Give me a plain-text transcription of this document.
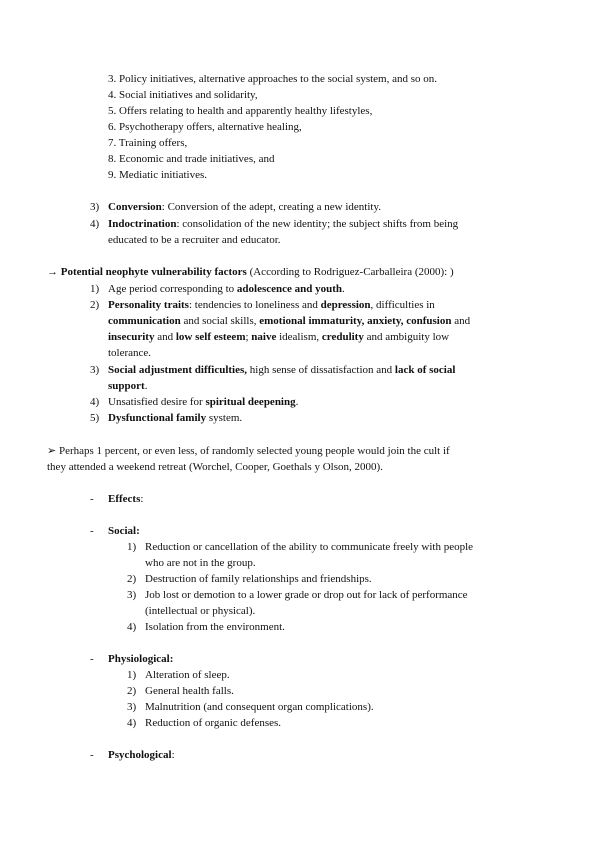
3. Policy initiatives, alternative approaches to the social system, and so on.
4. Social initiatives and solidarity,
5. Offers relating to health and apparently healthy lifestyles,
6. Psychotherapy offers, alternative healing,
7. Training offers,
8. Economic and trade initiatives, and
9. Mediatic initiatives.
3) Conversion: Conversion of the adept, creating a new identity.
4) Indoctrination: consolidation of the new identity; the subject shifts from being
educated to be a recruiter and educator.
→ Potential neophyte vulnerability factors (According to Rodriguez-Carballeira (2000): )
1) Age period corresponding to adolescence and youth.
2) Personality traits: tendencies to loneliness and depression, difficulties in
communication and social skills, emotional immaturity, anxiety, confusion and
insecurity and low self esteem; naive idealism, credulity and ambiguity low
tolerance.
3) Social adjustment difficulties, high sense of dissatisfaction and lack of social
support.
4) Unsatisfied desire for spiritual deepening.
5) Dysfunctional family system.
➢ Perhaps 1 percent, or even less, of randomly selected young people would join the cult if
they attended a weekend retreat (Worchel, Cooper, Goethals y Olson, 2000).
- Effects:
- Social:
1) Reduction or cancellation of the ability to communicate freely with people
who are not in the group.
2) Destruction of family relationships and friendships.
3) Job lost or demotion to a lower grade or drop out for lack of performance
(intellectual or physical).
4) Isolation from the environment.
- Physiological:
1) Alteration of sleep.
2) General health falls.
3) Malnutrition (and consequent organ complications).
4) Reduction of organic defenses.
- Psychological:
